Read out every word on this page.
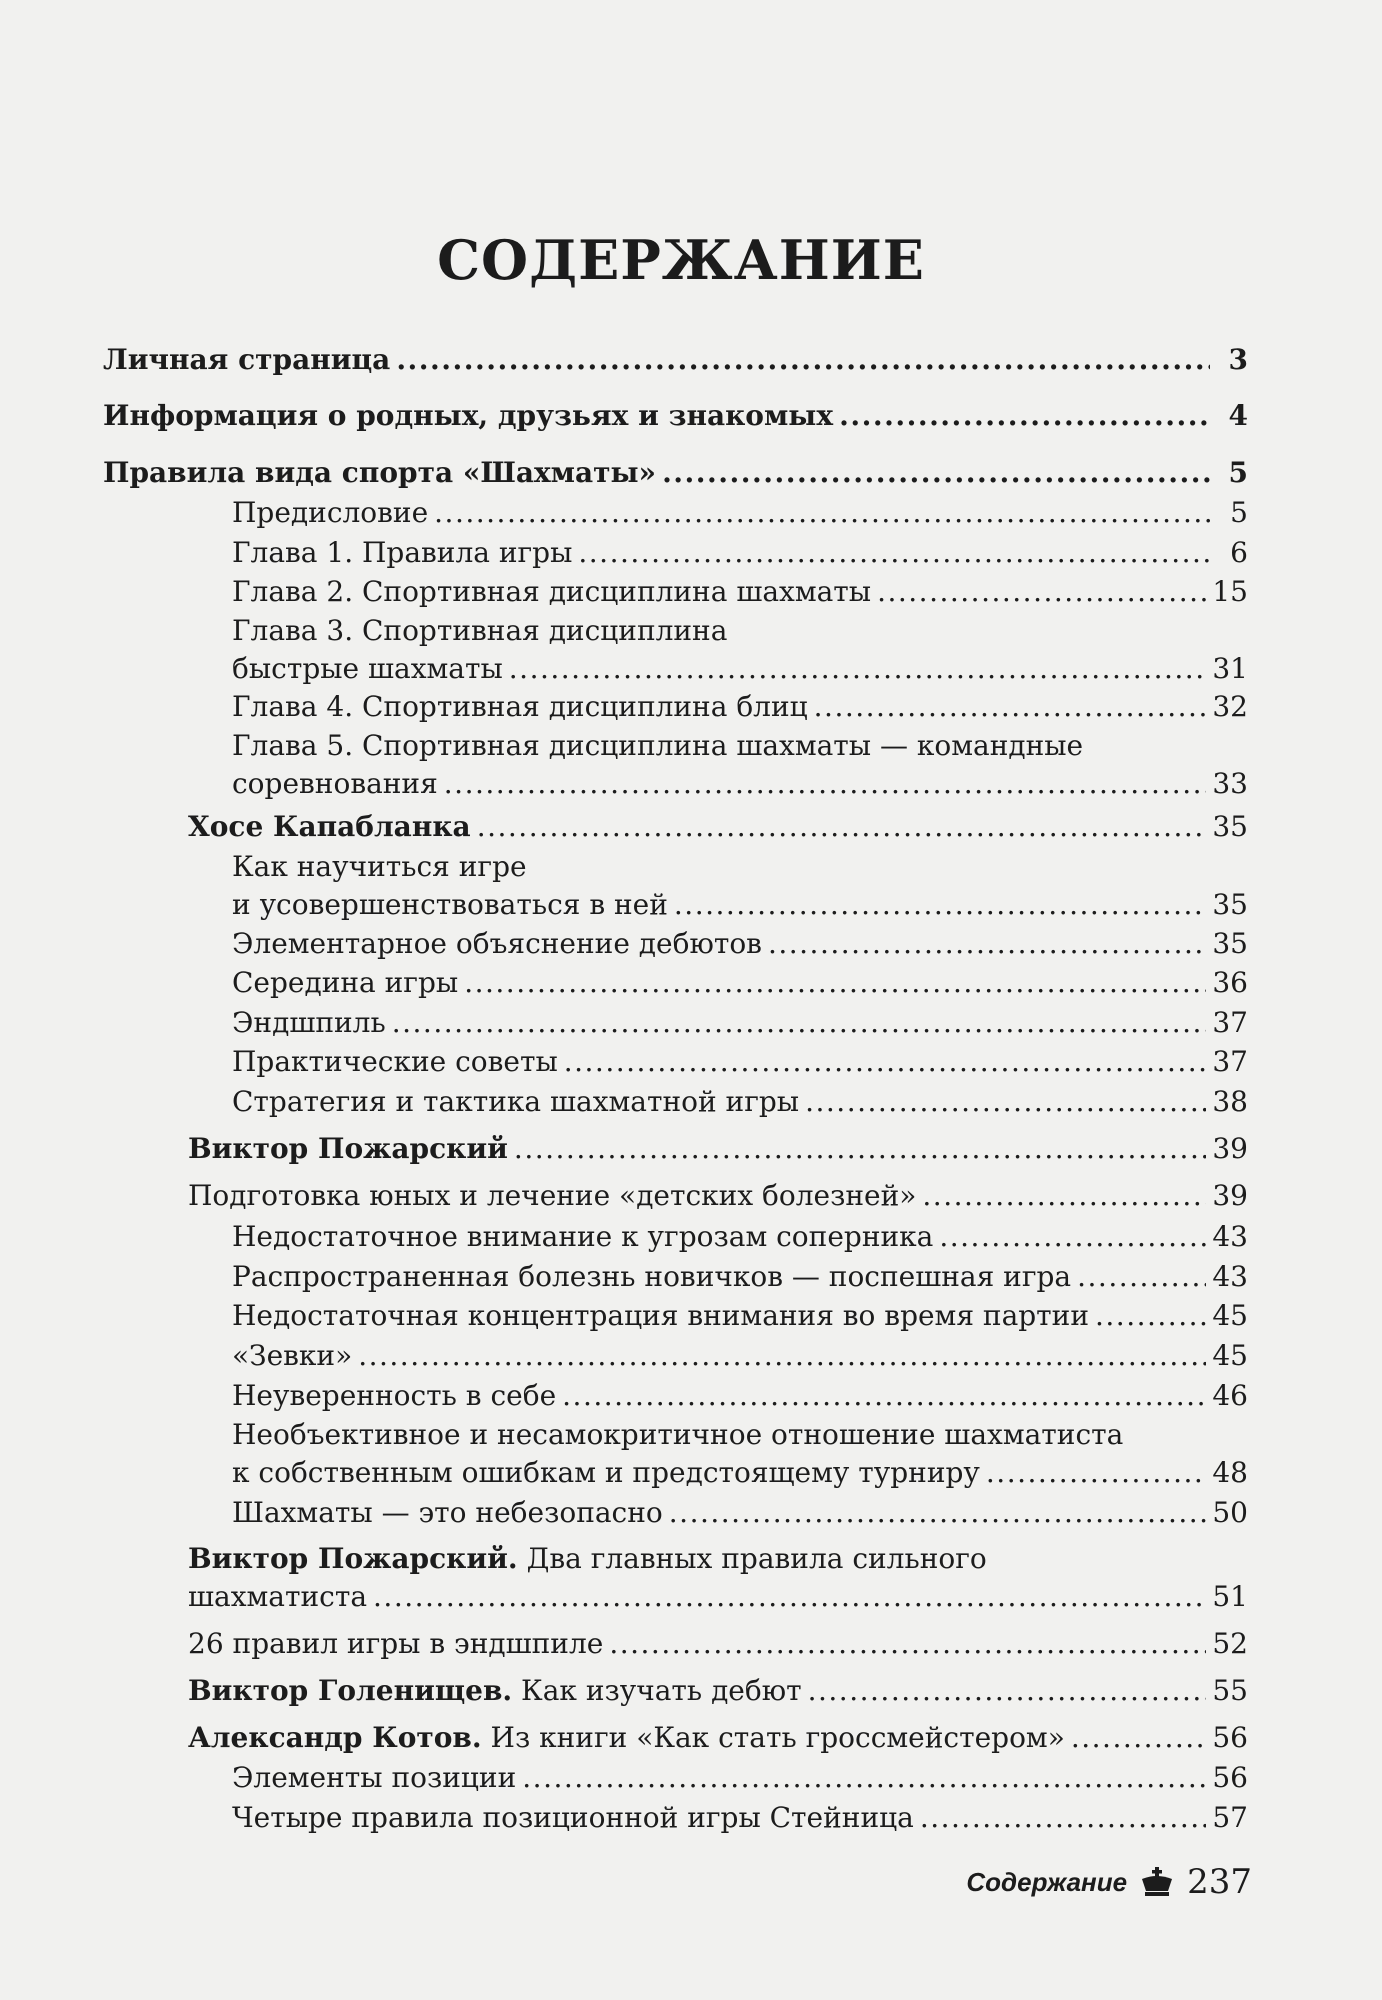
СОДЕРЖАНИЕ
Личная страница .....	3
Информация о родных, друзьях и знакомых .....	4
Правила вида спорта «Шахматы» .....	5
Предисловие .....	5
Глава 1. Правила игры .....	6
Глава 2. Спортивная дисциплина шахматы .....	15
Глава 3. Спортивная дисциплина
быстрые шахматы .....	31
Глава 4. Спортивная дисциплина блиц .....	32
Глава 5. Спортивная дисциплина шахматы — командные
соревнования .....	33
Хосе Капабланка .....	35
Как научиться игре
и усовершенствоваться в ней .....	35
Элементарное объяснение дебютов .....	35
Середина игры .....	36
Эндшпиль .....	37
Практические советы .....	37
Стратегия и тактика шахматной игры .....	38
Виктор Пожарский .....	39
Подготовка юных и лечение «детских болезней» .....	39
Недостаточное внимание к угрозам соперника .....	43
Распространенная болезнь новичков — поспешная игра .....	43
Недостаточная концентрация внимания во время партии .....	45
«Зевки» .....	45
Неуверенность в себе .....	46
Необъективное и несамокритичное отношение шахматиста
к собственным ошибкам и предстоящему турниру .....	48
Шахматы — это небезопасно .....	50
Виктор Пожарский. Два главных правила сильного
шахматиста .....	51
26 правил игры в эндшпиле .....	52
Виктор Голенищев. Как изучать дебют .....	55
Александр Котов. Из книги «Как стать гроссмейстером» .....	56
Элементы позиции .....	56
Четыре правила позиционной игры Стейница .....	57
Содержание 237
